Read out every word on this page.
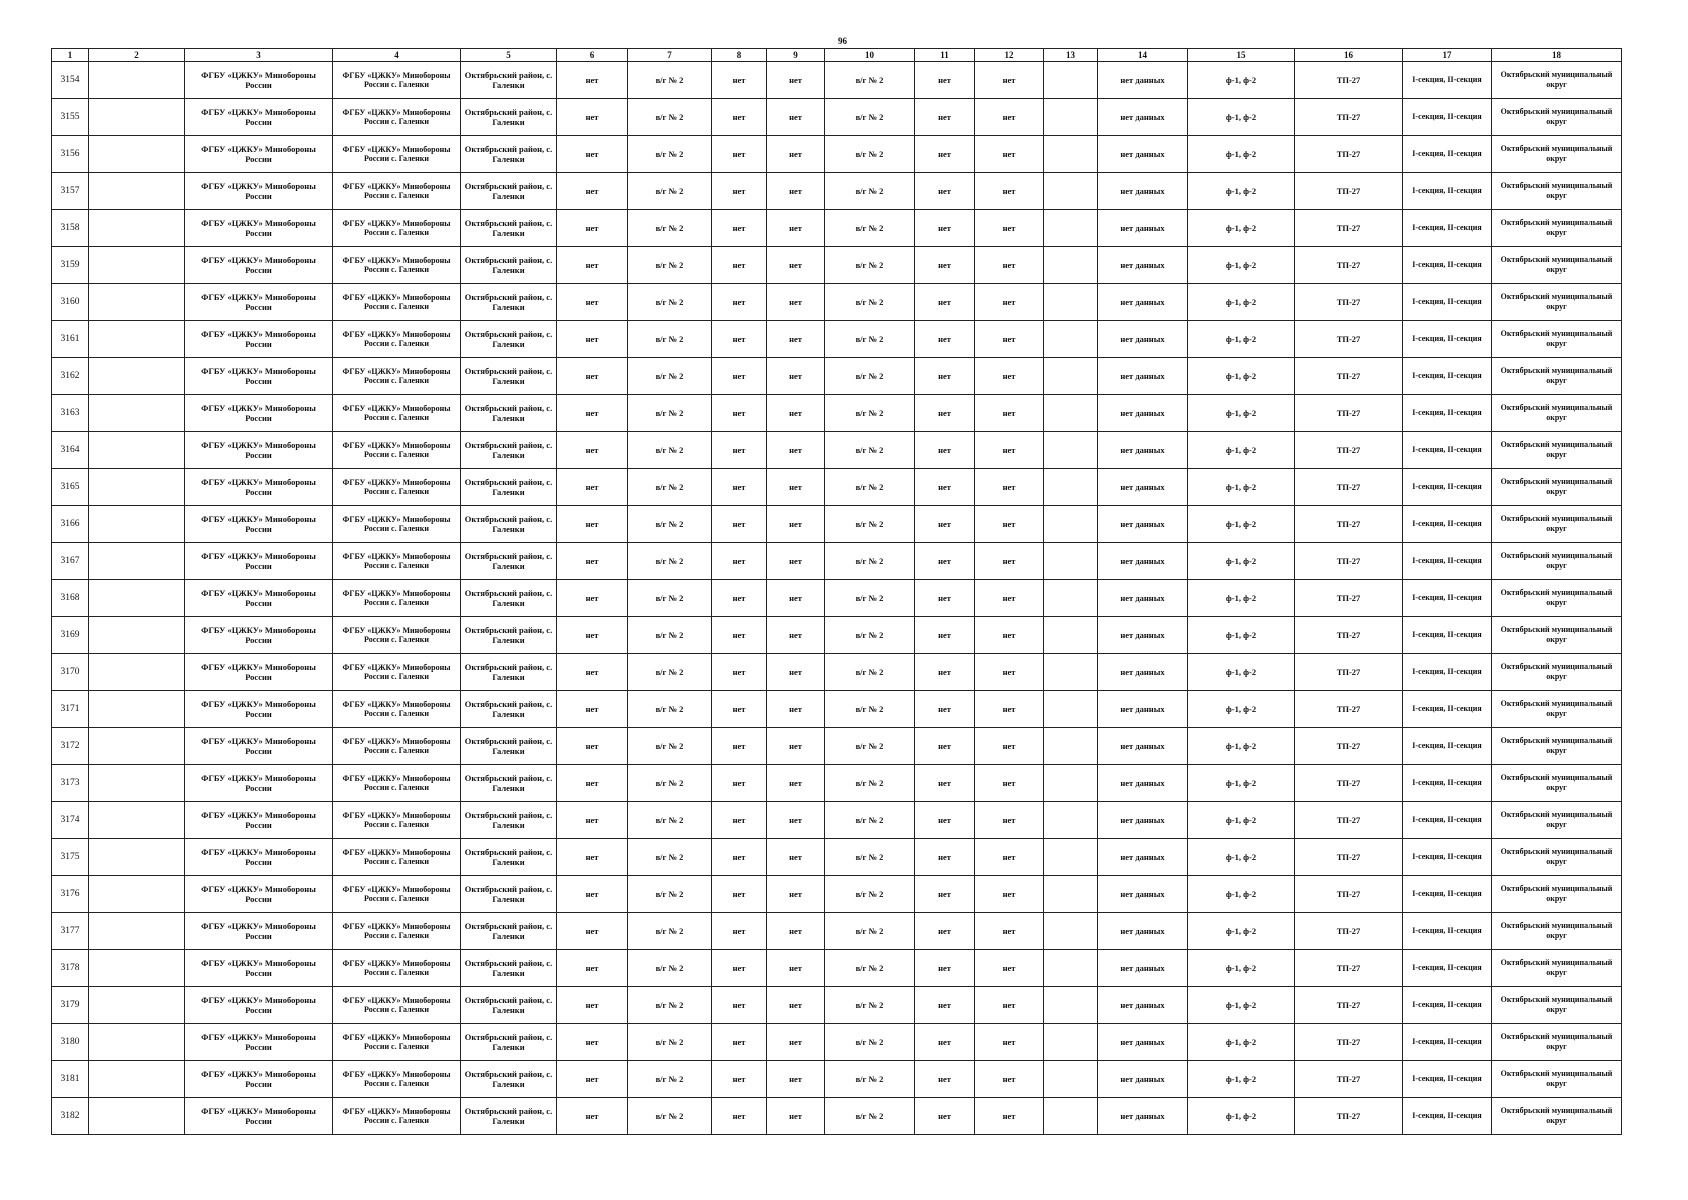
96
1	2	3	4	5	6	7	8	9	10	11	12	13	14	15	16	17	18
3154		ФГБУ «ЦЖКУ» Минобороны России	ФГБУ «ЦЖКУ» Минобороны России с. Галенки	Октябрьский район, с. Галенки	нет	в/г № 2	нет	нет	в/г № 2	нет	нет		нет данных	ф-1, ф-2	ТП-27	I-секция, II-секция	Октябрьский муниципальный округ
3155		ФГБУ «ЦЖКУ» Минобороны России	ФГБУ «ЦЖКУ» Минобороны России с. Галенки	Октябрьский район, с. Галенки	нет	в/г № 2	нет	нет	в/г № 2	нет	нет		нет данных	ф-1, ф-2	ТП-27	I-секция, II-секция	Октябрьский муниципальный округ
3156		ФГБУ «ЦЖКУ» Минобороны России	ФГБУ «ЦЖКУ» Минобороны России с. Галенки	Октябрьский район, с. Галенки	нет	в/г № 2	нет	нет	в/г № 2	нет	нет		нет данных	ф-1, ф-2	ТП-27	I-секция, II-секция	Октябрьский муниципальный округ
3157		ФГБУ «ЦЖКУ» Минобороны России	ФГБУ «ЦЖКУ» Минобороны России с. Галенки	Октябрьский район, с. Галенки	нет	в/г № 2	нет	нет	в/г № 2	нет	нет		нет данных	ф-1, ф-2	ТП-27	I-секция, II-секция	Октябрьский муниципальный округ
3158		ФГБУ «ЦЖКУ» Минобороны России	ФГБУ «ЦЖКУ» Минобороны России с. Галенки	Октябрьский район, с. Галенки	нет	в/г № 2	нет	нет	в/г № 2	нет	нет		нет данных	ф-1, ф-2	ТП-27	I-секция, II-секция	Октябрьский муниципальный округ
3159		ФГБУ «ЦЖКУ» Минобороны России	ФГБУ «ЦЖКУ» Минобороны России с. Галенки	Октябрьский район, с. Галенки	нет	в/г № 2	нет	нет	в/г № 2	нет	нет		нет данных	ф-1, ф-2	ТП-27	I-секция, II-секция	Октябрьский муниципальный округ
3160		ФГБУ «ЦЖКУ» Минобороны России	ФГБУ «ЦЖКУ» Минобороны России с. Галенки	Октябрьский район, с. Галенки	нет	в/г № 2	нет	нет	в/г № 2	нет	нет		нет данных	ф-1, ф-2	ТП-27	I-секция, II-секция	Октябрьский муниципальный округ
3161		ФГБУ «ЦЖКУ» Минобороны России	ФГБУ «ЦЖКУ» Минобороны России с. Галенки	Октябрьский район, с. Галенки	нет	в/г № 2	нет	нет	в/г № 2	нет	нет		нет данных	ф-1, ф-2	ТП-27	I-секция, II-секция	Октябрьский муниципальный округ
3162		ФГБУ «ЦЖКУ» Минобороны России	ФГБУ «ЦЖКУ» Минобороны России с. Галенки	Октябрьский район, с. Галенки	нет	в/г № 2	нет	нет	в/г № 2	нет	нет		нет данных	ф-1, ф-2	ТП-27	I-секция, II-секция	Октябрьский муниципальный округ
3163		ФГБУ «ЦЖКУ» Минобороны России	ФГБУ «ЦЖКУ» Минобороны России с. Галенки	Октябрьский район, с. Галенки	нет	в/г № 2	нет	нет	в/г № 2	нет	нет		нет данных	ф-1, ф-2	ТП-27	I-секция, II-секция	Октябрьский муниципальный округ
3164		ФГБУ «ЦЖКУ» Минобороны России	ФГБУ «ЦЖКУ» Минобороны России с. Галенки	Октябрьский район, с. Галенки	нет	в/г № 2	нет	нет	в/г № 2	нет	нет		нет данных	ф-1, ф-2	ТП-27	I-секция, II-секция	Октябрьский муниципальный округ
3165		ФГБУ «ЦЖКУ» Минобороны России	ФГБУ «ЦЖКУ» Минобороны России с. Галенки	Октябрьский район, с. Галенки	нет	в/г № 2	нет	нет	в/г № 2	нет	нет		нет данных	ф-1, ф-2	ТП-27	I-секция, II-секция	Октябрьский муниципальный округ
3166		ФГБУ «ЦЖКУ» Минобороны России	ФГБУ «ЦЖКУ» Минобороны России с. Галенки	Октябрьский район, с. Галенки	нет	в/г № 2	нет	нет	в/г № 2	нет	нет		нет данных	ф-1, ф-2	ТП-27	I-секция, II-секция	Октябрьский муниципальный округ
3167		ФГБУ «ЦЖКУ» Минобороны России	ФГБУ «ЦЖКУ» Минобороны России с. Галенки	Октябрьский район, с. Галенки	нет	в/г № 2	нет	нет	в/г № 2	нет	нет		нет данных	ф-1, ф-2	ТП-27	I-секция, II-секция	Октябрьский муниципальный округ
3168		ФГБУ «ЦЖКУ» Минобороны России	ФГБУ «ЦЖКУ» Минобороны России с. Галенки	Октябрьский район, с. Галенки	нет	в/г № 2	нет	нет	в/г № 2	нет	нет		нет данных	ф-1, ф-2	ТП-27	I-секция, II-секция	Октябрьский муниципальный округ
3169		ФГБУ «ЦЖКУ» Минобороны России	ФГБУ «ЦЖКУ» Минобороны России с. Галенки	Октябрьский район, с. Галенки	нет	в/г № 2	нет	нет	в/г № 2	нет	нет		нет данных	ф-1, ф-2	ТП-27	I-секция, II-секция	Октябрьский муниципальный округ
3170		ФГБУ «ЦЖКУ» Минобороны России	ФГБУ «ЦЖКУ» Минобороны России с. Галенки	Октябрьский район, с. Галенки	нет	в/г № 2	нет	нет	в/г № 2	нет	нет		нет данных	ф-1, ф-2	ТП-27	I-секция, II-секция	Октябрьский муниципальный округ
3171		ФГБУ «ЦЖКУ» Минобороны России	ФГБУ «ЦЖКУ» Минобороны России с. Галенки	Октябрьский район, с. Галенки	нет	в/г № 2	нет	нет	в/г № 2	нет	нет		нет данных	ф-1, ф-2	ТП-27	I-секция, II-секция	Октябрьский муниципальный округ
3172		ФГБУ «ЦЖКУ» Минобороны России	ФГБУ «ЦЖКУ» Минобороны России с. Галенки	Октябрьский район, с. Галенки	нет	в/г № 2	нет	нет	в/г № 2	нет	нет		нет данных	ф-1, ф-2	ТП-27	I-секция, II-секция	Октябрьский муниципальный округ
3173		ФГБУ «ЦЖКУ» Минобороны России	ФГБУ «ЦЖКУ» Минобороны России с. Галенки	Октябрьский район, с. Галенки	нет	в/г № 2	нет	нет	в/г № 2	нет	нет		нет данных	ф-1, ф-2	ТП-27	I-секция, II-секция	Октябрьский муниципальный округ
3174		ФГБУ «ЦЖКУ» Минобороны России	ФГБУ «ЦЖКУ» Минобороны России с. Галенки	Октябрьский район, с. Галенки	нет	в/г № 2	нет	нет	в/г № 2	нет	нет		нет данных	ф-1, ф-2	ТП-27	I-секция, II-секция	Октябрьский муниципальный округ
3175		ФГБУ «ЦЖКУ» Минобороны России	ФГБУ «ЦЖКУ» Минобороны России с. Галенки	Октябрьский район, с. Галенки	нет	в/г № 2	нет	нет	в/г № 2	нет	нет		нет данных	ф-1, ф-2	ТП-27	I-секция, II-секция	Октябрьский муниципальный округ
3176		ФГБУ «ЦЖКУ» Минобороны России	ФГБУ «ЦЖКУ» Минобороны России с. Галенки	Октябрьский район, с. Галенки	нет	в/г № 2	нет	нет	в/г № 2	нет	нет		нет данных	ф-1, ф-2	ТП-27	I-секция, II-секция	Октябрьский муниципальный округ
3177		ФГБУ «ЦЖКУ» Минобороны России	ФГБУ «ЦЖКУ» Минобороны России с. Галенки	Октябрьский район, с. Галенки	нет	в/г № 2	нет	нет	в/г № 2	нет	нет		нет данных	ф-1, ф-2	ТП-27	I-секция, II-секция	Октябрьский муниципальный округ
3178		ФГБУ «ЦЖКУ» Минобороны России	ФГБУ «ЦЖКУ» Минобороны России с. Галенки	Октябрьский район, с. Галенки	нет	в/г № 2	нет	нет	в/г № 2	нет	нет		нет данных	ф-1, ф-2	ТП-27	I-секция, II-секция	Октябрьский муниципальный округ
3179		ФГБУ «ЦЖКУ» Минобороны России	ФГБУ «ЦЖКУ» Минобороны России с. Галенки	Октябрьский район, с. Галенки	нет	в/г № 2	нет	нет	в/г № 2	нет	нет		нет данных	ф-1, ф-2	ТП-27	I-секция, II-секция	Октябрьский муниципальный округ
3180		ФГБУ «ЦЖКУ» Минобороны России	ФГБУ «ЦЖКУ» Минобороны России с. Галенки	Октябрьский район, с. Галенки	нет	в/г № 2	нет	нет	в/г № 2	нет	нет		нет данных	ф-1, ф-2	ТП-27	I-секция, II-секция	Октябрьский муниципальный округ
3181		ФГБУ «ЦЖКУ» Минобороны России	ФГБУ «ЦЖКУ» Минобороны России с. Галенки	Октябрьский район, с. Галенки	нет	в/г № 2	нет	нет	в/г № 2	нет	нет		нет данных	ф-1, ф-2	ТП-27	I-секция, II-секция	Октябрьский муниципальный округ
3182		ФГБУ «ЦЖКУ» Минобороны России	ФГБУ «ЦЖКУ» Минобороны России с. Галенки	Октябрьский район, с. Галенки	нет	в/г № 2	нет	нет	в/г № 2	нет	нет		нет данных	ф-1, ф-2	ТП-27	I-секция, II-секция	Октябрьский муниципальный округ
